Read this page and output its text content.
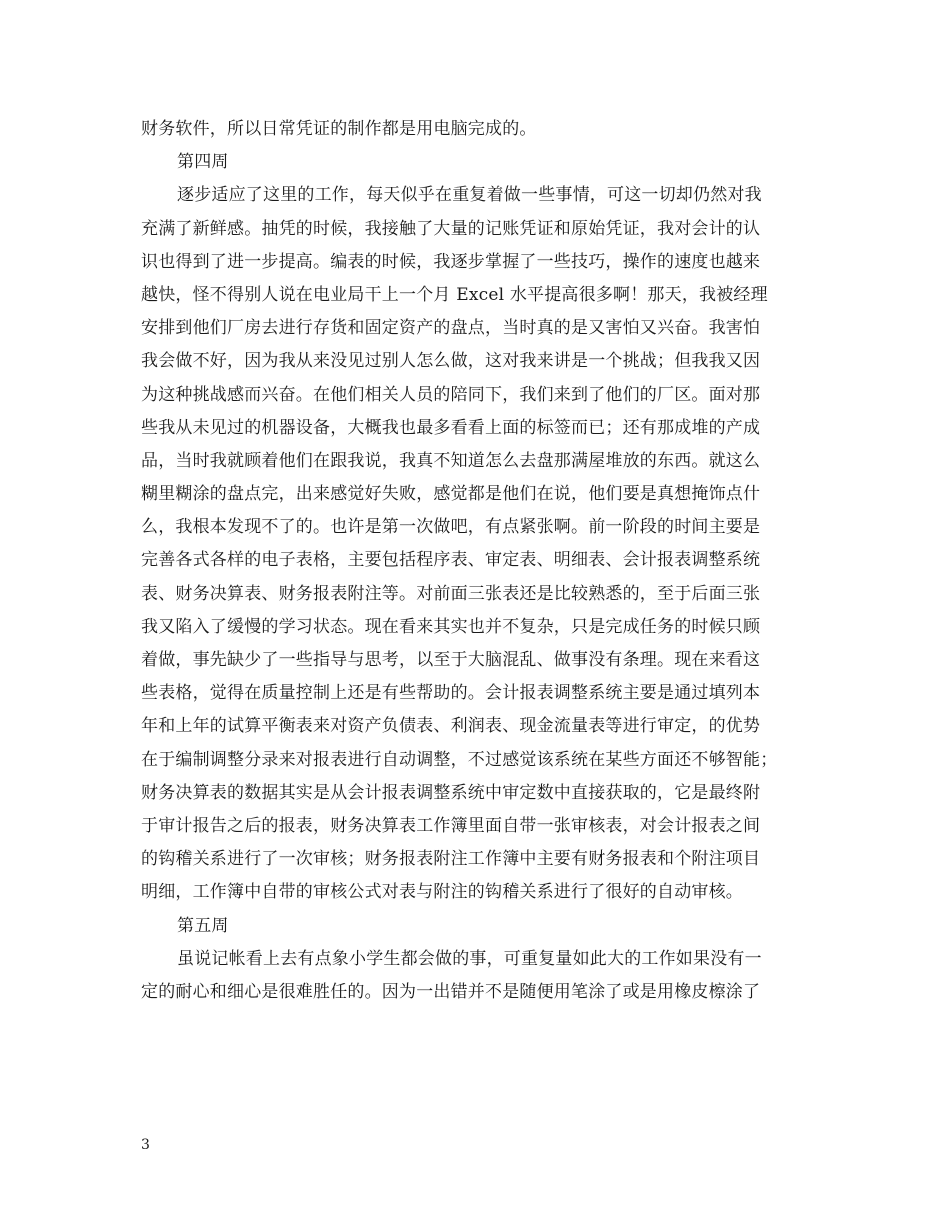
财务软件，所以日常凭证的制作都是用电脑完成的。
第四周
逐步适应了这里的工作，每天似乎在重复着做一些事情，可这一切却仍然对我
充满了新鲜感。抽凭的时候，我接触了大量的记账凭证和原始凭证，我对会计的认
识也得到了进一步提高。编表的时候，我逐步掌握了一些技巧，操作的速度也越来
越快，怪不得别人说在电业局干上一个月 Excel 水平提高很多啊！那天，我被经理
安排到他们厂房去进行存货和固定资产的盘点，当时真的是又害怕又兴奋。我害怕
我会做不好，因为我从来没见过别人怎么做，这对我来讲是一个挑战；但我我又因
为这种挑战感而兴奋。在他们相关人员的陪同下，我们来到了他们的厂区。面对那
些我从未见过的机器设备，大概我也最多看看上面的标签而已；还有那成堆的产成
品，当时我就顾着他们在跟我说，我真不知道怎么去盘那满屋堆放的东西。就这么
糊里糊涂的盘点完，出来感觉好失败，感觉都是他们在说，他们要是真想掩饰点什
么，我根本发现不了的。也许是第一次做吧，有点紧张啊。前一阶段的时间主要是
完善各式各样的电子表格，主要包括程序表、审定表、明细表、会计报表调整系统
表、财务决算表、财务报表附注等。对前面三张表还是比较熟悉的，至于后面三张
我又陷入了缓慢的学习状态。现在看来其实也并不复杂，只是完成任务的时候只顾
着做，事先缺少了一些指导与思考，以至于大脑混乱、做事没有条理。现在来看这
些表格，觉得在质量控制上还是有些帮助的。会计报表调整系统主要是通过填列本
年和上年的试算平衡表来对资产负债表、利润表、现金流量表等进行审定，的优势
在于编制调整分录来对报表进行自动调整，不过感觉该系统在某些方面还不够智能；
财务决算表的数据其实是从会计报表调整系统中审定数中直接获取的，它是最终附
于审计报告之后的报表，财务决算表工作簿里面自带一张审核表，对会计报表之间
的钩稽关系进行了一次审核；财务报表附注工作簿中主要有财务报表和个附注项目
明细，工作簿中自带的审核公式对表与附注的钩稽关系进行了很好的自动审核。
第五周
虽说记帐看上去有点象小学生都会做的事，可重复量如此大的工作如果没有一
定的耐心和细心是很难胜任的。因为一出错并不是随便用笔涂了或是用橡皮檫涂了
3
